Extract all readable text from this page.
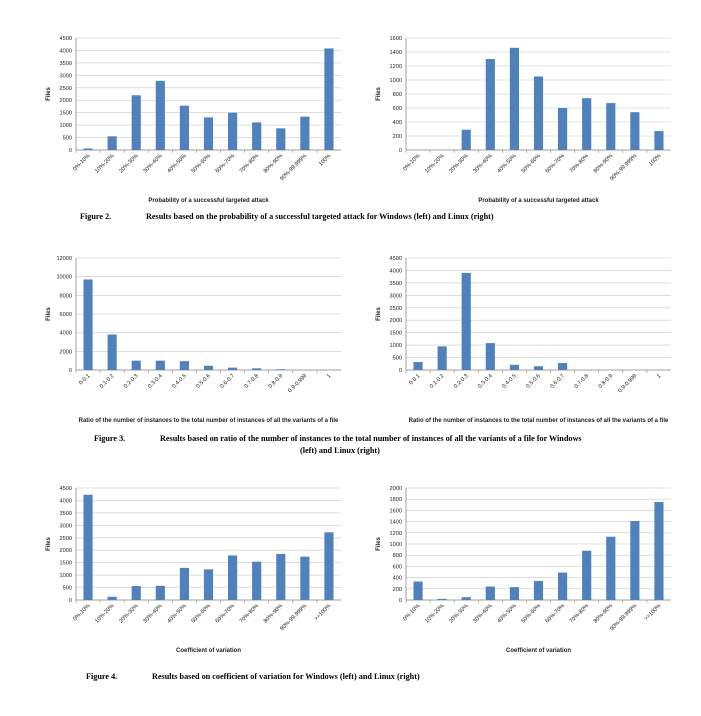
0
500
1000
1500
2000
2500
3000
3500
4000
4500
0%-10% 10%-20% 20%-30% 30%-40% 40%-50% 50%-60% 60%-70% 70%-80% 80%-90%
90%-99.999% 100%
Files
Probability of a successful targeted attack
0
200
400
600
800
1000
1200
1400
1600
0%-10% 10%-20% 20%-30% 30%-40% 40%-50% 50%-60% 60%-70% 70%-80% 80%-90%
90%-99.999% 100%
Files
Probability of a successful targeted attack
Figure 2.	Results based on the probability of a successful targeted attack for Windows (left) and Linux (right)
0
2000
4000
6000
8000
10000
12000
0-0.1 0.1-0.2 0.2-0.3 0.3-0.4 0.4-0.5 0.5-0.6 0.6-0.7 0.7-0.8 0.8-0.9 0.9-0.999	1
Files
Ratio of the number of instances to the total number of instances of all the variants of a file
0
500
1000
1500
2000
2500
3000
3500
4000
4500
0-0.1 0.1-0.2 0.2-0.3 0.3-0.4 0.4-0.5 0.5-0.6 0.6-0.7 0.7-0.8 0.8-0.9 0.9-0.999	1
Files
Ratio of the number of instances to the total number of instances of all the variants of a file
Figure 3.	Results based on ratio of the number of instances to the total number of instances of all the variants of a file for Windows
(left) and Linux (right)
0
500
1000
1500
2000
2500
3000
3500
4000
4500
0%-10% 10%-20% 20%-30% 30%-40% 40%-50% 50%-60% 60%-70% 70%-80% 80%-90%
90%-99.999% >=100%
Files
Coefficient of variation
0
200
400
600
800
1000
1200
1400
1600
1800
2000
0%-10% 10%-20% 20%-30% 30%-40% 40%-50% 50%-60% 60%-70% 70%-80% 80%-90%
90%-99.999% >=100%
Files
Coefficient of variation
Figure 4.	Results based on coefficient of variation for Windows (left) and Linux (right)
